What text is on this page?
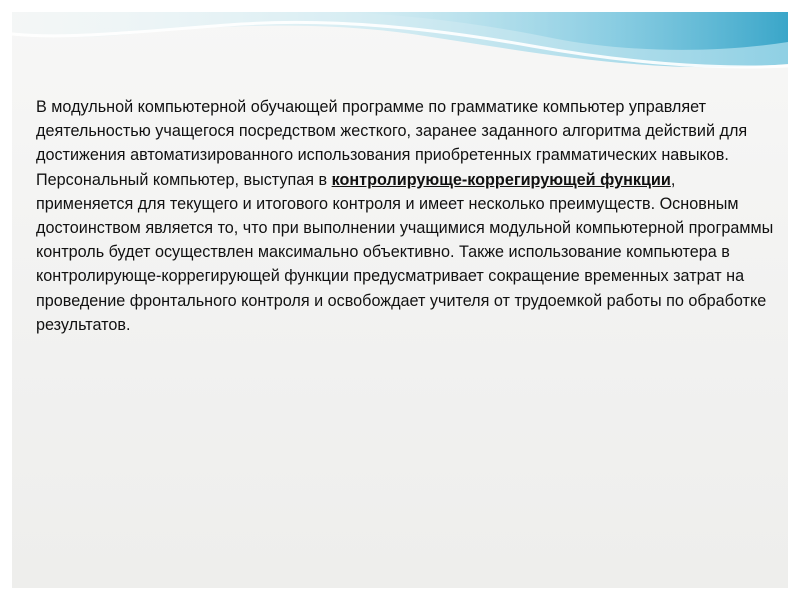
В модульной компьютерной обучающей программе по грамматике компьютер управляет деятельностью учащегося посредством жесткого, заранее заданного алгоритма действий для достижения автоматизированного использования приобретенных грамматических навыков.

Персональный компьютер, выступая в контролирующе-коррегирующей функции, применяется для текущего и итогового контроля и имеет несколько преимуществ. Основным достоинством является то, что при выполнении учащимися модульной компьютерной программы контроль будет осуществлен максимально объективно. Также использование компьютера в контролирующе-коррегирующей функции предусматривает сокращение временных затрат на проведение фронтального контроля и освобождает учителя от трудоемкой работы по обработке результатов.
